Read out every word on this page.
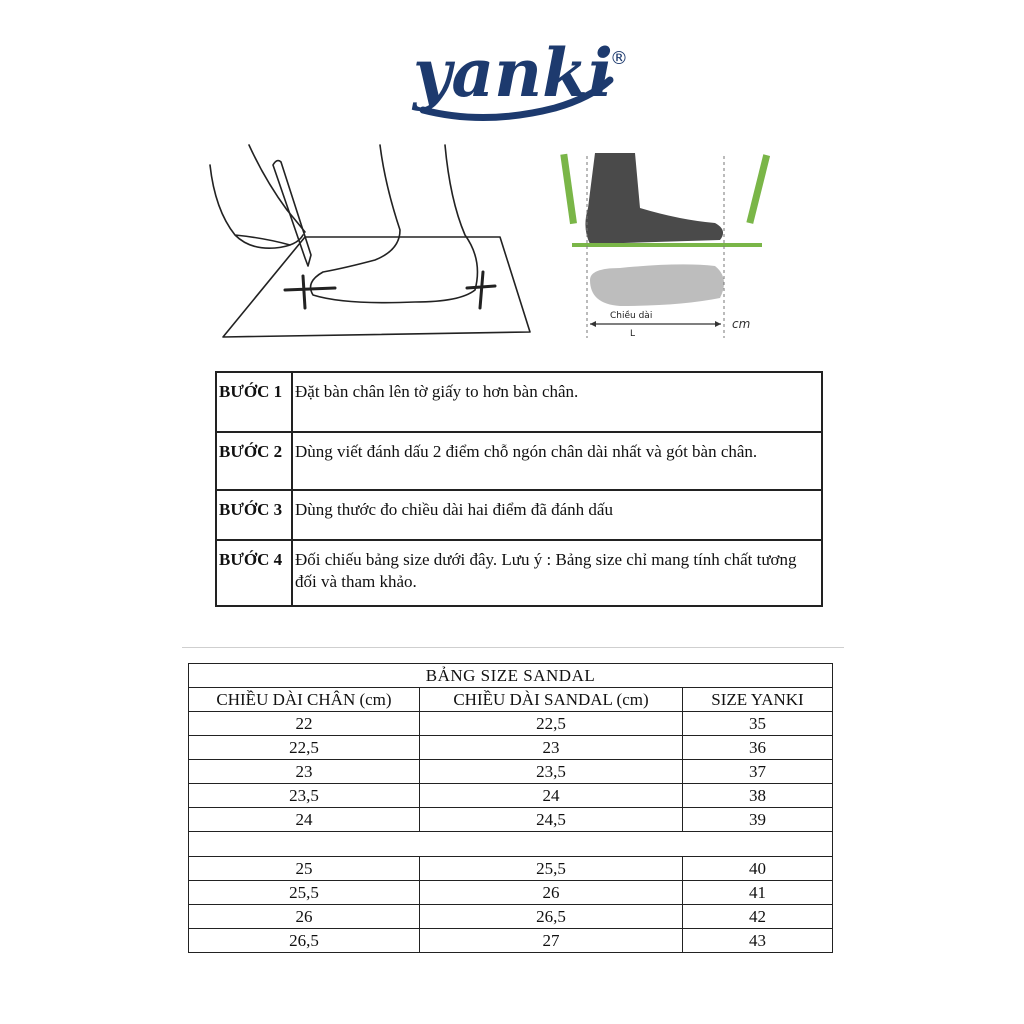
yanki
®
Chiều dài
L
cm
BƯỚC 1	Đặt bàn chân lên tờ giấy to hơn bàn chân.
BƯỚC 2	Dùng viết đánh dấu 2 điểm chỗ ngón chân dài nhất và gót bàn chân.
BƯỚC 3	Dùng thước đo chiều dài hai điểm đã đánh dấu
BƯỚC 4	Đối chiếu bảng size dưới đây. Lưu ý : Bảng size chỉ mang tính chất tương đối và tham khảo.
BẢNG SIZE SANDAL		
CHIỀU DÀI CHÂN (cm)	CHIỀU DÀI SANDAL (cm)	SIZE YANKI
22	22,5	35
22,5	23	36
23	23,5	37
23,5	24	38
24	24,5	39

25	25,5	40
25,5	26	41
26	26,5	42
26,5	27	43
